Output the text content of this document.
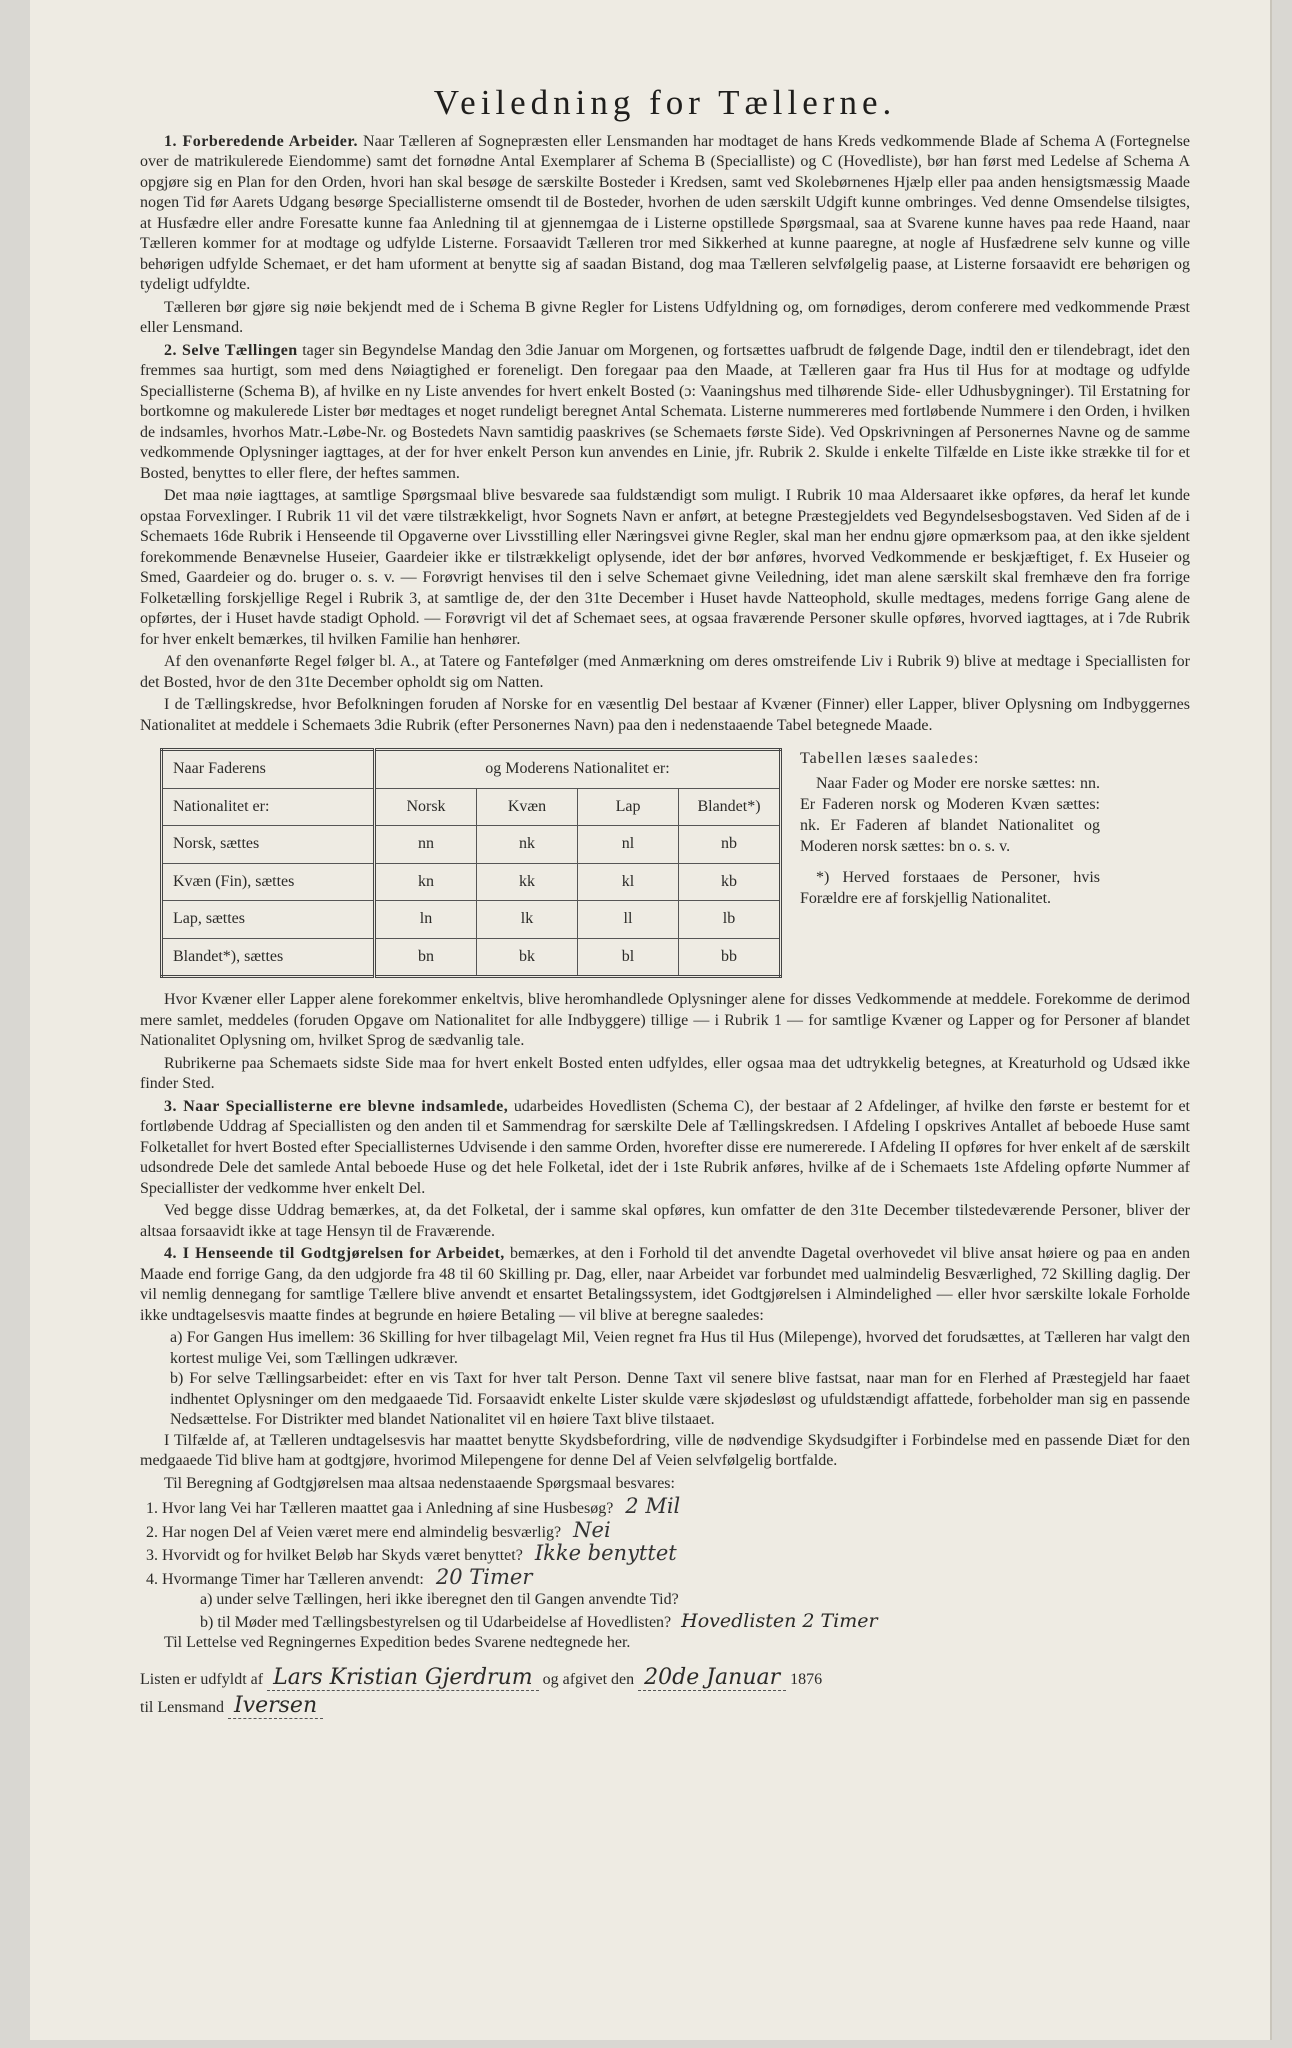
Veiledning for Tællerne.

1. Forberedende Arbeider. Naar Tælleren af Sognepræsten eller Lensmanden har modtaget de hans Kreds vedkommende Blade af Schema A (Fortegnelse over de matrikulerede Eiendomme) samt det fornødne Antal Exemplarer af Schema B (Specialliste) og C (Hovedliste), bør han først med Ledelse af Schema A opgjøre sig en Plan for den Orden, hvori han skal besøge de særskilte Bosteder i Kredsen, samt ved Skolebørnenes Hjælp eller paa anden hensigtsmæssig Maade nogen Tid før Aarets Udgang besørge Speciallisterne omsendt til de Bosteder, hvorhen de uden særskilt Udgift kunne ombringes. Ved denne Omsendelse tilsigtes, at Husfædre eller andre Foresatte kunne faa Anledning til at gjennemgaa de i Listerne opstillede Spørgsmaal, saa at Svarene kunne haves paa rede Haand, naar Tælleren kommer for at modtage og udfylde Listerne. Forsaavidt Tælleren tror med Sikkerhed at kunne paaregne, at nogle af Husfædrene selv kunne og ville behørigen udfylde Schemaet, er det ham uforment at benytte sig af saadan Bistand, dog maa Tælleren selvfølgelig paase, at Listerne forsaavidt ere behørigen og tydeligt udfyldte.

Tælleren bør gjøre sig nøie bekjendt med de i Schema B givne Regler for Listens Udfyldning og, om fornødiges, derom conferere med vedkommende Præst eller Lensmand.

2. Selve Tællingen tager sin Begyndelse Mandag den 3die Januar om Morgenen, og fortsættes uafbrudt de følgende Dage, indtil den er tilendebragt, idet den fremmes saa hurtigt, som med dens Nøiagtighed er foreneligt. Den foregaar paa den Maade, at Tælleren gaar fra Hus til Hus for at modtage og udfylde Speciallisterne (Schema B), af hvilke en ny Liste anvendes for hvert enkelt Bosted (ɔ: Vaaningshus med tilhørende Side- eller Udhusbygninger). Til Erstatning for bortkomne og makulerede Lister bør medtages et noget rundeligt beregnet Antal Schemata. Listerne nummereres med fortløbende Nummere i den Orden, i hvilken de indsamles, hvorhos Matr.-Løbe-Nr. og Bostedets Navn samtidig paaskrives (se Schemaets første Side). Ved Opskrivningen af Personernes Navne og de samme vedkommende Oplysninger iagttages, at der for hver enkelt Person kun anvendes en Linie, jfr. Rubrik 2. Skulde i enkelte Tilfælde en Liste ikke strække til for et Bosted, benyttes to eller flere, der heftes sammen.

Det maa nøie iagttages, at samtlige Spørgsmaal blive besvarede saa fuldstændigt som muligt. I Rubrik 10 maa Aldersaaret ikke opføres, da heraf let kunde opstaa Forvexlinger. I Rubrik 11 vil det være tilstrækkeligt, hvor Sognets Navn er anført, at betegne Præstegjeldets ved Begyndelsesbogstaven. Ved Siden af de i Schemaets 16de Rubrik i Henseende til Opgaverne over Livsstilling eller Næringsvei givne Regler, skal man her endnu gjøre opmærksom paa, at den ikke sjeldent forekommende Benævnelse Huseier, Gaardeier ikke er tilstrækkeligt oplysende, idet der bør anføres, hvorved Vedkommende er beskjæftiget, f. Ex Huseier og Smed, Gaardeier og do. bruger o. s. v. — Forøvrigt henvises til den i selve Schemaet givne Veiledning, idet man alene særskilt skal fremhæve den fra forrige Folketælling forskjellige Regel i Rubrik 3, at samtlige de, der den 31te December i Huset havde Natteophold, skulle medtages, medens forrige Gang alene de opførtes, der i Huset havde stadigt Ophold. — Forøvrigt vil det af Schemaet sees, at ogsaa fraværende Personer skulle opføres, hvorved iagttages, at i 7de Rubrik for hver enkelt bemærkes, til hvilken Familie han henhører.

Af den ovenanførte Regel følger bl. A., at Tatere og Fantefølger (med Anmærkning om deres omstreifende Liv i Rubrik 9) blive at medtage i Speciallisten for det Bosted, hvor de den 31te December opholdt sig om Natten.

I de Tællingskredse, hvor Befolkningen foruden af Norske for en væsentlig Del bestaar af Kvæner (Finner) eller Lapper, bliver Oplysning om Indbyggernes Nationalitet at meddele i Schemaets 3die Rubrik (efter Personernes Navn) paa den i nedenstaaende Tabel betegnede Maade.

Naar Faderens	og Moderens Nationalitet er:			
Nationalitet er:	Norsk	Kvæn	Lap	Blandet*)
Norsk, sættes	nn	nk	nl	nb
Kvæn (Fin), sættes	kn	kk	kl	kb
Lap, sættes	ln	lk	ll	lb
Blandet*), sættes	bn	bk	bl	bb

Tabellen læses saaledes:

Naar Fader og Moder ere norske sættes: nn. Er Faderen norsk og Moderen Kvæn sættes: nk. Er Faderen af blandet Nationalitet og Moderen norsk sættes: bn o. s. v.

*) Herved forstaaes de Personer, hvis Forældre ere af forskjellig Nationalitet.

Hvor Kvæner eller Lapper alene forekommer enkeltvis, blive heromhandlede Oplysninger alene for disses Vedkommende at meddele. Forekomme de derimod mere samlet, meddeles (foruden Opgave om Nationalitet for alle Indbyggere) tillige — i Rubrik 1 — for samtlige Kvæner og Lapper og for Personer af blandet Nationalitet Oplysning om, hvilket Sprog de sædvanlig tale.

Rubrikerne paa Schemaets sidste Side maa for hvert enkelt Bosted enten udfyldes, eller ogsaa maa det udtrykkelig betegnes, at Kreaturhold og Udsæd ikke finder Sted.

3. Naar Speciallisterne ere blevne indsamlede, udarbeides Hovedlisten (Schema C), der bestaar af 2 Afdelinger, af hvilke den første er bestemt for et fortløbende Uddrag af Speciallisten og den anden til et Sammendrag for særskilte Dele af Tællingskredsen. I Afdeling I opskrives Antallet af beboede Huse samt Folketallet for hvert Bosted efter Speciallisternes Udvisende i den samme Orden, hvorefter disse ere numererede. I Afdeling II opføres for hver enkelt af de særskilt udsondrede Dele det samlede Antal beboede Huse og det hele Folketal, idet der i 1ste Rubrik anføres, hvilke af de i Schemaets 1ste Afdeling opførte Nummer af Speciallister der vedkomme hver enkelt Del.

Ved begge disse Uddrag bemærkes, at, da det Folketal, der i samme skal opføres, kun omfatter de den 31te December tilstedeværende Personer, bliver der altsaa forsaavidt ikke at tage Hensyn til de Fraværende.

4. I Henseende til Godtgjørelsen for Arbeidet, bemærkes, at den i Forhold til det anvendte Dagetal overhovedet vil blive ansat høiere og paa en anden Maade end forrige Gang, da den udgjorde fra 48 til 60 Skilling pr. Dag, eller, naar Arbeidet var forbundet med ualmindelig Besværlighed, 72 Skilling daglig. Der vil nemlig dennegang for samtlige Tællere blive anvendt et ensartet Betalingssystem, idet Godtgjørelsen i Almindelighed — eller hvor særskilte lokale Forholde ikke undtagelsesvis maatte findes at begrunde en høiere Betaling — vil blive at beregne saaledes:

a) For Gangen Hus imellem: 36 Skilling for hver tilbagelagt Mil, Veien regnet fra Hus til Hus (Milepenge), hvorved det forudsættes, at Tælleren har valgt den kortest mulige Vei, som Tællingen udkræver.

b) For selve Tællingsarbeidet: efter en vis Taxt for hver talt Person. Denne Taxt vil senere blive fastsat, naar man for en Flerhed af Præstegjeld har faaet indhentet Oplysninger om den medgaaede Tid. Forsaavidt enkelte Lister skulde være skjødesløst og ufuldstændigt affattede, forbeholder man sig en passende Nedsættelse. For Distrikter med blandet Nationalitet vil en høiere Taxt blive tilstaaet.

I Tilfælde af, at Tælleren undtagelsesvis har maattet benytte Skydsbefordring, ville de nødvendige Skydsudgifter i Forbindelse med en passende Diæt for den medgaaede Tid blive ham at godtgjøre, hvorimod Milepengene for denne Del af Veien selvfølgelig bortfalde.

Til Beregning af Godtgjørelsen maa altsaa nedenstaaende Spørgsmaal besvares:

1. Hvor lang Vei har Tælleren maattet gaa i Anledning af sine Husbesøg? 2 Mil

2. Har nogen Del af Veien været mere end almindelig besværlig? Nei

3. Hvorvidt og for hvilket Beløb har Skyds været benyttet? Ikke benyttet

4. Hvormange Timer har Tælleren anvendt: 20 Timer

a) under selve Tællingen, heri ikke iberegnet den til Gangen anvendte Tid?

b) til Møder med Tællingsbestyrelsen og til Udarbeidelse af Hovedlisten? Hovedlisten 2 Timer

Til Lettelse ved Regningernes Expedition bedes Svarene nedtegnede her.

Listen er udfyldt af Lars Kristian Gjerdrum og afgivet den 20de Januar 1876

til Lensmand Iversen
